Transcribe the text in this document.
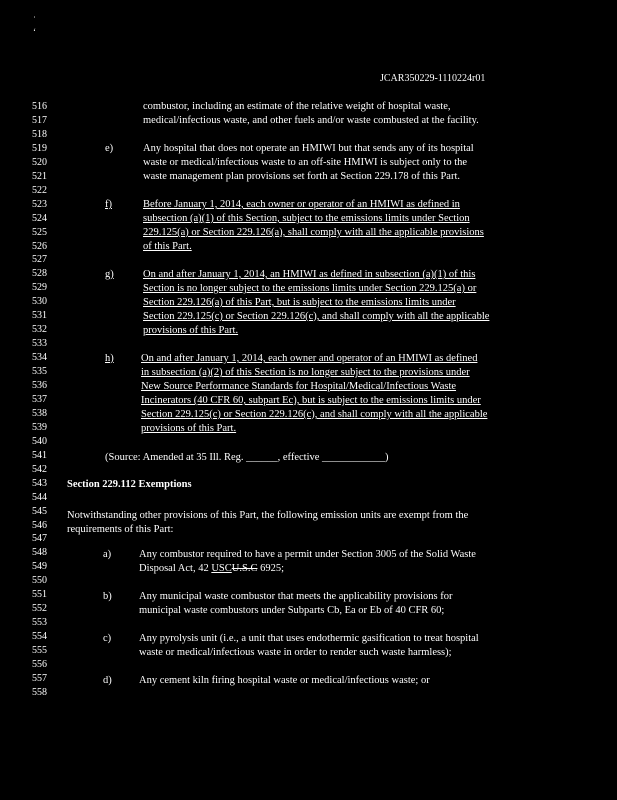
˙
‘
JCAR350229-1110224r01
516
517
518
519
520
521
522
523
524
525
526
527
528
529
530
531
532
533
534
535
536
537
538
539
540
541
542
543
544
545
546
547
548
549
550
551
552
553
554
555
556
557
558
combustor, including an estimate of the relative weight of hospital waste,
medical/infectious waste, and other fuels and/or waste combusted at the facility.
e)	Any hospital that does not operate an HMIWI but that sends any of its hospital
waste or medical/infectious waste to an off-site HMIWI is subject only to the
waste management plan provisions set forth at Section 229.178 of this Part.
f)	Before January 1, 2014, each owner or operator of an HMIWI as defined in
subsection (a)(1) of this Section, subject to the emissions limits under Section
229.125(a) or Section 229.126(a), shall comply with all the applicable provisions
of this Part.
g)	On and after January 1, 2014, an HMIWI as defined in subsection (a)(1) of this
Section is no longer subject to the emissions limits under Section 229.125(a) or
Section 229.126(a) of this Part, but is subject to the emissions limits under
Section 229.125(c) or Section 229.126(c), and shall comply with all the applicable
provisions of this Part.
h)	On and after January 1, 2014, each owner and operator of an HMIWI as defined
in subsection (a)(2) of this Section is no longer subject to the provisions under
New Source Performance Standards for Hospital/Medical/Infectious Waste
Incinerators (40 CFR 60, subpart Ec), but is subject to the emissions limits under
Section 229.125(c) or Section 229.126(c), and shall comply with all the applicable
provisions of this Part.
(Source: Amended at 35 Ill. Reg. ______, effective ____________)
Section 229.112 Exemptions
Notwithstanding other provisions of this Part, the following emission units are exempt from the
requirements of this Part:
a)	Any combustor required to have a permit under Section 3005 of the Solid Waste
Disposal Act, 42 USCU.S.C 6925;
b)	Any municipal waste combustor that meets the applicability provisions for
municipal waste combustors under Subparts Cb, Ea or Eb of 40 CFR 60;
c)	Any pyrolysis unit (i.e., a unit that uses endothermic gasification to treat hospital
waste or medical/infectious waste in order to render such waste harmless);
d)	Any cement kiln firing hospital waste or medical/infectious waste; or
